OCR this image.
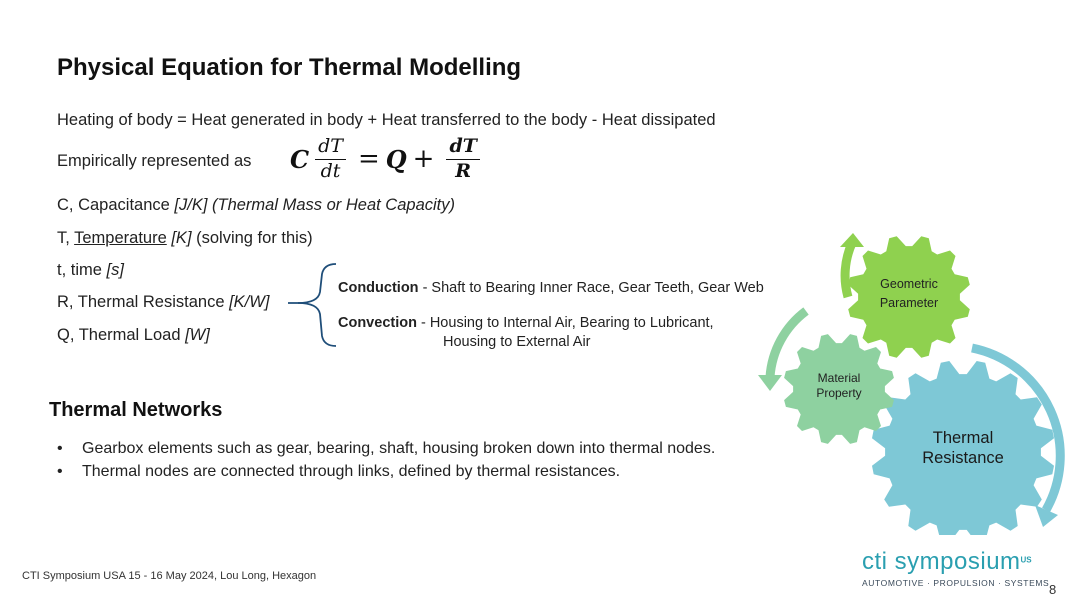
Physical Equation for Thermal Modelling
Heating of body = Heat generated in body + Heat transferred to the body - Heat dissipated
Empirically represented as C $\frac{dT}{dt} = Q + \frac{dT}{R}$
C, Capacitance [J/K] (Thermal Mass or Heat Capacity)
T, Temperature [K] (solving for this)
t, time [s]
R, Thermal Resistance [K/W]
Q, Thermal Load [W]
Conduction - Shaft to Bearing Inner Race, Gear Teeth, Gear Web
Convection - Housing to Internal Air, Bearing to Lubricant,
Housing to External Air
Thermal Networks
•	Gearbox elements such as gear, bearing, shaft, housing broken down into thermal nodes.
•	Thermal nodes are connected through links, defined by thermal resistances.
Geometric
Parameter
Material
Property
Thermal
Resistance
cti symposium$^{US}$
AUTOMOTIVE · PROPULSION · SYSTEMS
CTI Symposium USA 15 - 16 May 2024, Lou Long, Hexagon
8
